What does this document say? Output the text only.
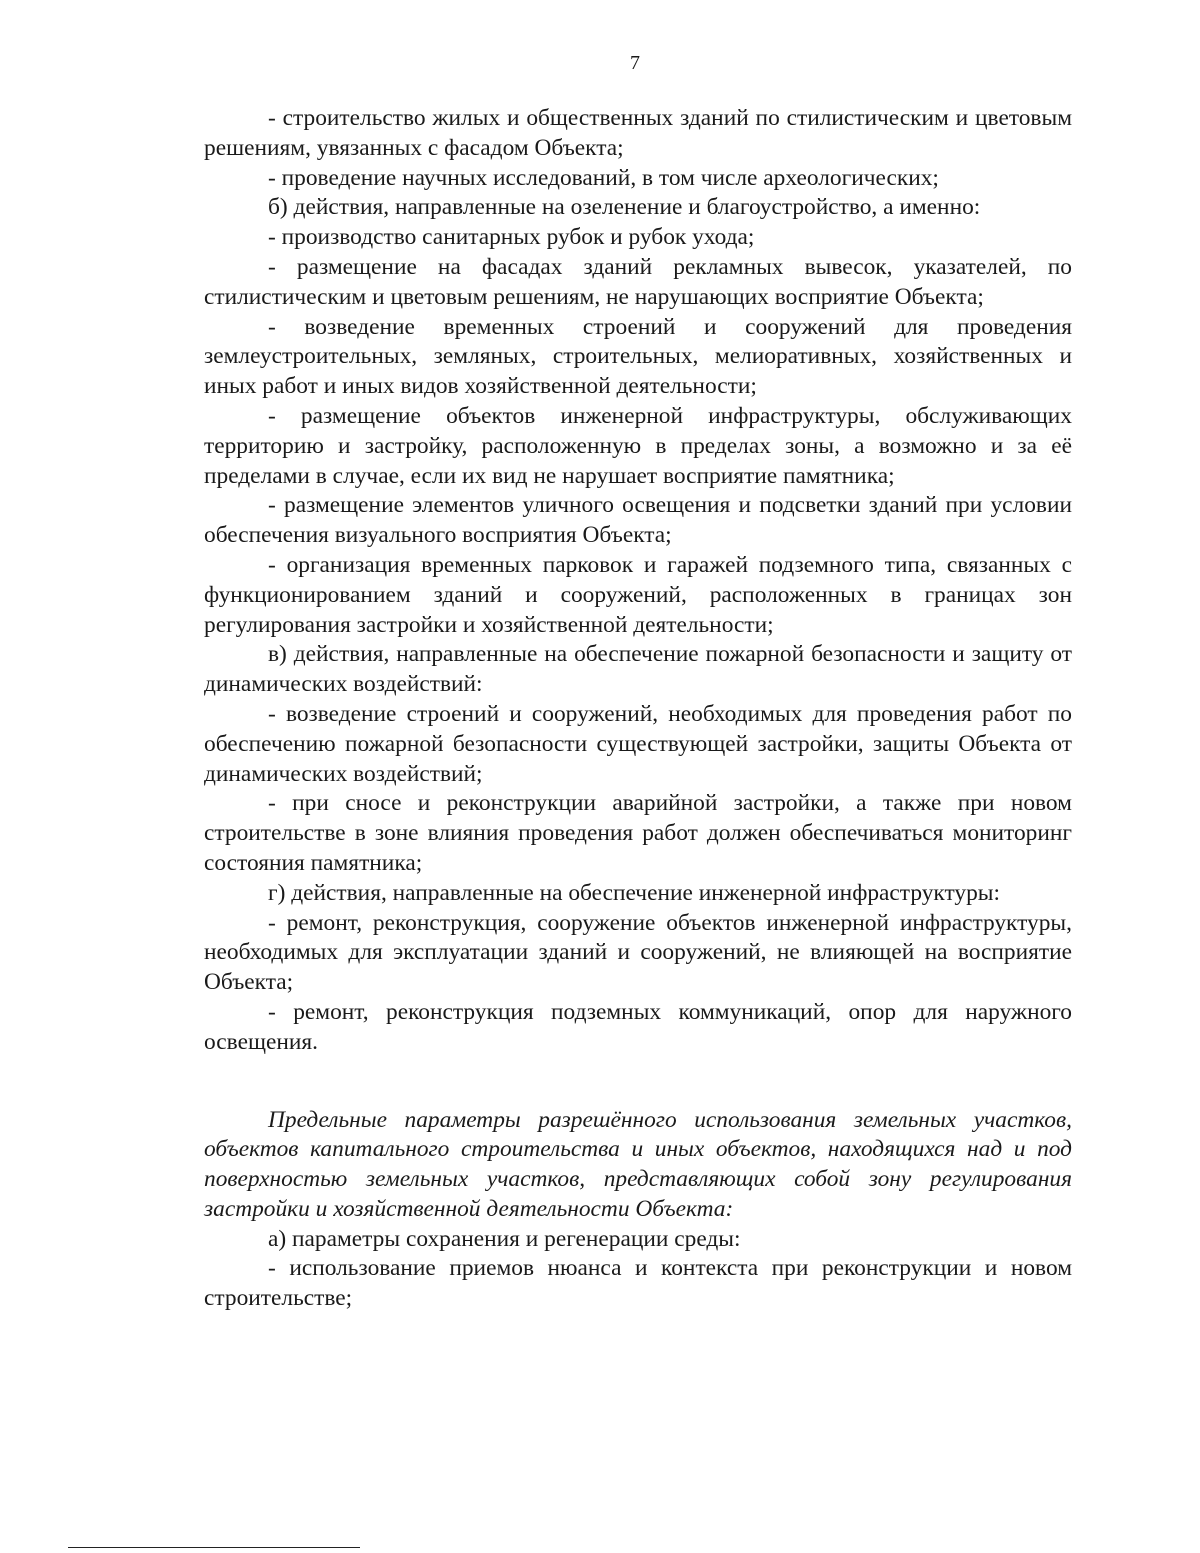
7

- строительство жилых и общественных зданий по стилистическим и цветовым решениям, увязанных с фасадом Объекта;

- проведение научных исследований, в том числе археологических;

б) действия, направленные на озеленение и благоустройство, а именно:

- производство санитарных рубок и рубок ухода;

- размещение на фасадах зданий рекламных вывесок, указателей, по стилистическим и цветовым решениям, не нарушающих восприятие Объекта;

- возведение временных строений и сооружений для проведения землеустроительных, земляных, строительных, мелиоративных, хозяйственных и иных работ и иных видов хозяйственной деятельности;

- размещение объектов инженерной инфраструктуры, обслуживающих территорию и застройку, расположенную в пределах зоны, а возможно и за её пределами в случае, если их вид не нарушает восприятие памятника;

- размещение элементов уличного освещения и подсветки зданий при условии обеспечения визуального восприятия Объекта;

- организация временных парковок и гаражей подземного типа, связанных с функционированием зданий и сооружений, расположенных в границах зон регулирования застройки и хозяйственной деятельности;

в) действия, направленные на обеспечение пожарной безопасности и защиту от динамических воздействий:

- возведение строений и сооружений, необходимых для проведения работ по обеспечению пожарной безопасности существующей застройки, защиты Объекта от динамических воздействий;

- при сносе и реконструкции аварийной застройки, а также при новом строительстве в зоне влияния проведения работ должен обеспечиваться мониторинг состояния памятника;

г) действия, направленные на обеспечение инженерной инфраструктуры:

- ремонт, реконструкция, сооружение объектов инженерной инфраструктуры, необходимых для эксплуатации зданий и сооружений, не влияющей на восприятие Объекта;

- ремонт, реконструкция подземных коммуникаций, опор для наружного освещения.

Предельные параметры разрешённого использования земельных участков, объектов капитального строительства и иных объектов, находящихся над и под поверхностью земельных участков, представляющих собой зону регулирования застройки и хозяйственной деятельности Объекта:

а) параметры сохранения и регенерации среды:

- использование приемов нюанса и контекста при реконструкции и новом строительстве;
